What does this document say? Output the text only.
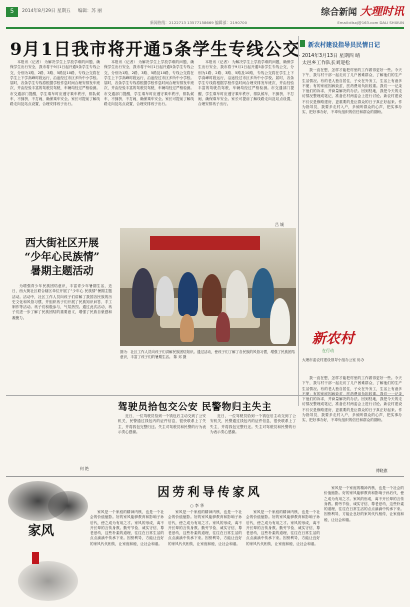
5	2014年8月29日 星期五 编辑：苏 丽
新闻热线：2122713 13577158669 编辑部：2190700
综合新闻 大理时讯
Email:dlsxj@163.com DALI SHIXUN
9月1日我市将开通5条学生专线公交

本报讯（记者） 为解决学生上学放学难的问题，确保学生出行安全，我市将于9月1日起开通5条学生专线公交，分别为1路、2路、3路、5路及10路，专线公交将在学生上下学高峰时段运行，沿途经过市区多所中小学校。届时，各条学生专线将根据学校作息时间合理安排发车班次，并由经验丰富的驾驶员驾驶，车辆均经过严格检测。市交通部门提醒，学生乘车时应遵守乘车秩序，排队候车，不拥挤、不打闹，确保乘车安全。家长可提前了解线路走向及站点设置，合理安排孩子出行。

本报讯（记者） 为解决学生上学放学难的问题，确保学生出行安全，我市将于9月1日起开通5条学生专线公交，分别为1路、2路、3路、5路及10路，专线公交将在学生上下学高峰时段运行，沿途经过市区多所中小学校。届时，各条学生专线将根据学校作息时间合理安排发车班次，并由经验丰富的驾驶员驾驶，车辆均经过严格检测。市交通部门提醒，学生乘车时应遵守乘车秩序，排队候车，不拥挤、不打闹，确保乘车安全。家长可提前了解线路走向及站点设置，合理安排孩子出行。

本报讯（记者） 为解决学生上学放学难的问题，确保学生出行安全，我市将于9月1日起开通5条学生专线公交，分别为1路、2路、3路、5路及10路，专线公交将在学生上下学高峰时段运行，沿途经过市区多所中小学校。届时，各条学生专线将根据学校作息时间合理安排发车班次，并由经验丰富的驾驶员驾驶，车辆均经过严格检测。市交通部门提醒，学生乘车时应遵守乘车秩序，排队候车，不拥挤、不打闹，确保乘车安全。家长可提前了解线路走向及站点设置，合理安排孩子出行。

吕 城
新农村建设指导员民情日记
2014年3月13日 星期四 晴
太邑乡工作队长刘迎松

我一直在想，怎样才能把村里的工作做得更好一些。今天下午，我与村干部一起走访了几户困难群众，了解他们的生产生活情况。有的老人独自居住，子女在外务工，生活上有诸多不便；有的家庭因病致贫，医药费用负担较重。我们一一记录下他们的诉求，并商量解决的办法。回到驻地，我把今天的走访情况整理成笔记，准备在村两委会上进行讨论。新农村建设不仅仅是修路建房，更重要的是让群众的日子真正好起来。作为指导员，我要多走村入户，多倾听群众的心声，把实事办实，把好事办好，不辜负组织的信任和群众的期盼。

西大街社区开展
“少年心民族情”
暑期主题活动

为增强青少年民族团结意识，丰富青少年暑期生活，近日，西大街社区联合辖区单位开展了“少年心 民族情”暑期主题活动。活动中，社区工作人员向孩子们讲解了我国各民族的历史文化和风俗习惯，并组织孩子们开展了民族知识问答、手工制作等活动。孩子们积极参与，气氛热烈。通过此次活动，孩子们进一步了解了民族团结的重要意义，增强了民族自豪感和凝聚力。

何 艳
图为：社区工作人员向孩子们讲解民族团结知识。通过活动，使孩子们了解了各民族的风俗习惯，增强了民族团结意识，丰富了孩子们的暑期生活。 陈 邓 摄
新农村
在行动
大理市委农村建设领导小组办公室 协办

我一直在想，怎样才能把村里的工作做得更好一些。今天下午，我与村干部一起走访了几户困难群众，了解他们的生产生活情况。有的老人独自居住，子女在外务工，生活上有诸多不便；有的家庭因病致贫，医药费用负担较重。我们一一记录下他们的诉求，并商量解决的办法。回到驻地，我把今天的走访情况整理成笔记，准备在村两委会上进行讨论。新农村建设不仅仅是修路建房，更重要的是让群众的日子真正好起来。作为指导员，我要多走村入户，多倾听群众的心声，把实事办实，把好事办好，不辜负组织的信任和群众的期盼。

傅晓旗
驾驶员拾包交公安 民警物归主失主

近日，一位驾驶员拾到一个钱包后主动交到了公安机关，民警通过钱包内的证件信息，很快联系上了失主，并将钱包完整归还。失主对驾驶员和民警的行为表示衷心感谢。

近日，一位驾驶员拾到一个钱包后主动交到了公安机关，民警通过钱包内的证件信息，很快联系上了失主，并将钱包完整归还。失主对驾驶员和民警的行为表示衷心感谢。

家风
因劳利导传家风
○ 李 华

家风是一个家庭的精神内核，也是一个社会的价值缩影。好的家风能够教育和影响子孙后代，使之成为有用之才。家风的形成，离不开长辈的言传身教。勤劳节俭、诚实守信、尊老爱幼，这些朴素的道理，往往在日常生活的点点滴滴中传承下来。因势利导，方能让良好的家风代代相传，让家庭和睦，让社会和谐。

家风是一个家庭的精神内核，也是一个社会的价值缩影。好的家风能够教育和影响子孙后代，使之成为有用之才。家风的形成，离不开长辈的言传身教。勤劳节俭、诚实守信、尊老爱幼，这些朴素的道理，往往在日常生活的点点滴滴中传承下来。因势利导，方能让良好的家风代代相传，让家庭和睦，让社会和谐。

家风是一个家庭的精神内核，也是一个社会的价值缩影。好的家风能够教育和影响子孙后代，使之成为有用之才。家风的形成，离不开长辈的言传身教。勤劳节俭、诚实守信、尊老爱幼，这些朴素的道理，往往在日常生活的点点滴滴中传承下来。因势利导，方能让良好的家风代代相传，让家庭和睦，让社会和谐。

家风是一个家庭的精神内核，也是一个社会的价值缩影。好的家风能够教育和影响子孙后代，使之成为有用之才。家风的形成，离不开长辈的言传身教。勤劳节俭、诚实守信、尊老爱幼，这些朴素的道理，往往在日常生活的点点滴滴中传承下来。因势利导，方能让良好的家风代代相传，让家庭和睦，让社会和谐。
